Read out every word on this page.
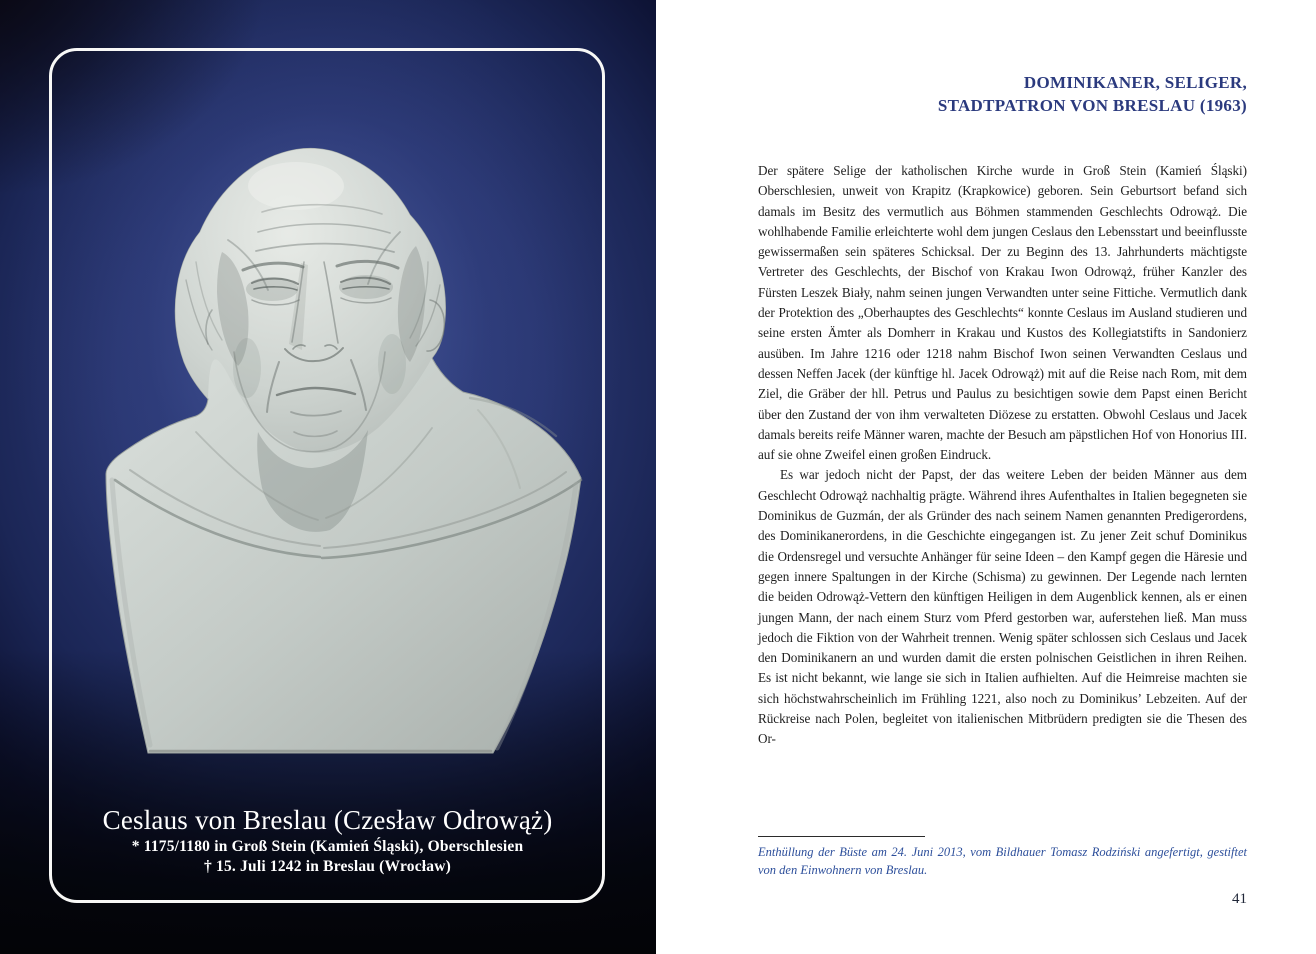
Ceslaus von Breslau (Czesław Odrowąż)
* 1175/1180 in Groß Stein (Kamień Śląski), Oberschlesien
† 15. Juli 1242 in Breslau (Wrocław)
DOMINIKANER, SELIGER,
STADTPATRON VON BRESLAU (1963)

Der spätere Selige der katholischen Kirche wurde in Groß Stein (Kamień Śląski) Oberschlesien, unweit von Krapitz (Krapkowice) geboren. Sein Geburtsort befand sich damals im Besitz des vermutlich aus Böhmen stammenden Geschlechts Odrowąż. Die wohlhabende Familie erleichterte wohl dem jungen Ceslaus den Lebensstart und beeinflusste gewissermaßen sein späteres Schicksal. Der zu Beginn des 13. Jahrhunderts mächtigste Vertreter des Geschlechts, der Bischof von Krakau Iwon Odrowąż, früher Kanzler des Fürsten Leszek Biały, nahm seinen jungen Verwandten unter seine Fittiche. Vermutlich dank der Protektion des „Oberhauptes des Geschlechts“ konnte Ceslaus im Ausland studieren und seine ersten Ämter als Domherr in Krakau und Kustos des Kollegiatstifts in Sandonierz ausüben. Im Jahre 1216 oder 1218 nahm Bischof Iwon seinen Verwandten Ceslaus und dessen Neffen Jacek (der künftige hl. Jacek Odrowąż) mit auf die Reise nach Rom, mit dem Ziel, die Gräber der hll. Petrus und Paulus zu besichtigen sowie dem Papst einen Bericht über den Zustand der von ihm verwalteten Diözese zu erstatten. Obwohl Ceslaus und Jacek damals bereits reife Männer waren, machte der Besuch am päpstlichen Hof von Honorius III. auf sie ohne Zweifel einen großen Eindruck.

Es war jedoch nicht der Papst, der das weitere Leben der beiden Männer aus dem Geschlecht Odrowąż nachhaltig prägte. Während ihres Aufenthaltes in Italien begegneten sie Dominikus de Guzmán, der als Gründer des nach seinem Namen genannten Predigerordens, des Dominikanerordens, in die Geschichte eingegangen ist. Zu jener Zeit schuf Dominikus die Ordensregel und versuchte Anhänger für seine Ideen – den Kampf gegen die Häresie und gegen innere Spaltungen in der Kirche (Schisma) zu gewinnen. Der Legende nach lernten die beiden Odrowąż-Vettern den künftigen Heiligen in dem Augenblick kennen, als er einen jungen Mann, der nach einem Sturz vom Pferd gestorben war, auferstehen ließ. Man muss jedoch die Fiktion von der Wahrheit trennen. Wenig später schlossen sich Ceslaus und Jacek den Dominikanern an und wurden damit die ersten polnischen Geistlichen in ihren Reihen. Es ist nicht bekannt, wie lange sie sich in Italien aufhielten. Auf die Heimreise machten sie sich höchstwahrscheinlich im Frühling 1221, also noch zu Dominikus’ Lebzeiten. Auf der Rückreise nach Polen, begleitet von italienischen Mitbrüdern predigten sie die Thesen des Or-

Enthüllung der Büste am 24. Juni 2013, vom Bildhauer Tomasz Rodziński angefertigt, gestiftet von den Einwohnern von Breslau.
41
